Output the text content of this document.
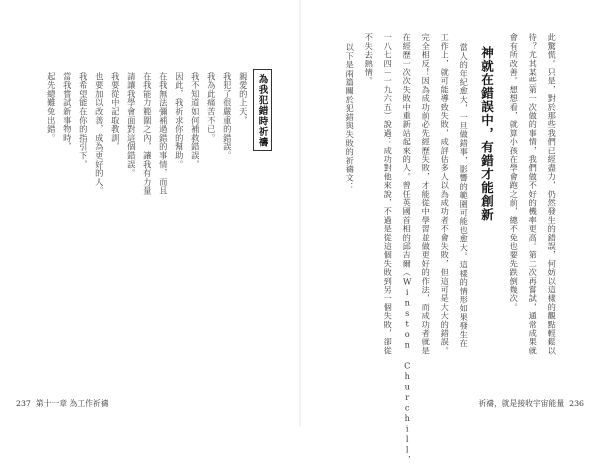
為我犯錯時祈禱
親愛的上天，
我犯了很嚴重的錯誤。
我為此痛苦不已。
我不知道如何補救錯誤，
因此，我祈求你的幫助。
在我無法彌補過錯的事情，而且
在我能力範圍之內，讓我有力量
請讓我學會面對這個錯誤。
我要從中記取教訓，
也要加以改善，成為更好的人。
我希望能在你的指引下，
當我嘗試新事物時，
起先總難免出錯。
237 第十一章 為工作祈禱
此驚慌。只是，對於那些我們已經盡力，仍然發生的錯誤，何妨以這樣的觀點輕鬆以
待？尤其某些第一次做的事情，我們做不好的機率更高。第二次再嘗試，通常成果就
會有所改善。想想看，就算小孩在學會跑之前，總不免也要先跌倒幾次。
神就在錯誤中，有錯才能創新
當人的年紀愈大，一旦做錯事，影響的範圍可能也愈大。這樣的情形如果發生在
工作上，就可能導致失敗，成評估多人以為成功者不會失敗，但這可是大大的錯誤。
完全相反！因為成功前必先經歷失敗，才能從中學習並做更好的作法，而成功者就是
在經歷一次次失敗中重新站起來的人。曾任英國首相的邱吉爾（Winston Churchill，
一八七四－一九六五）說過：成功對他來說，不過是從這個失敗到另一個失敗，卻從
不失去熱情。
以下是兩篇關於犯錯與失敗的祈禱文：
祈禱，就是接收宇宙能量 236
